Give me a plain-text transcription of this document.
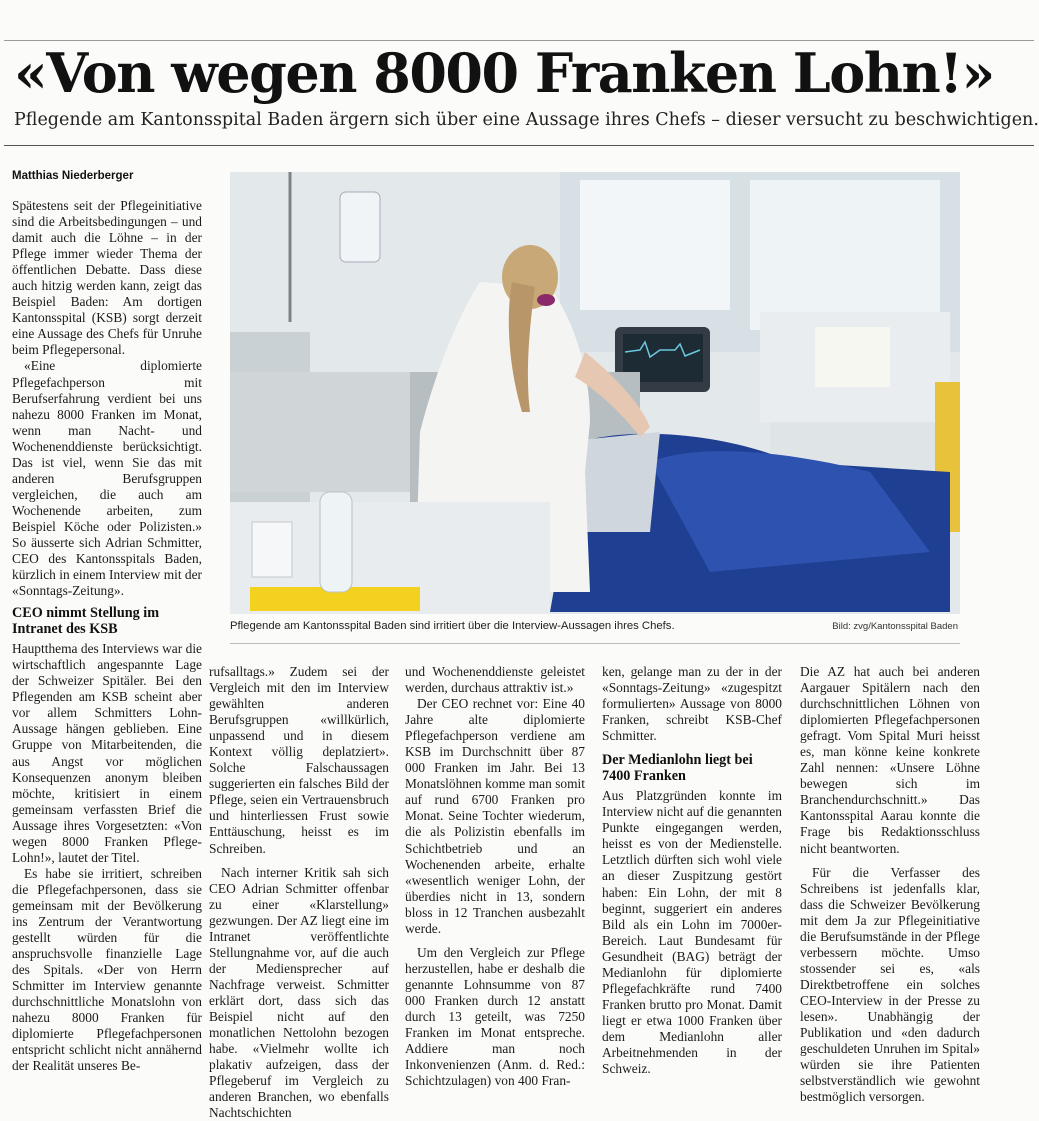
«Von wegen 8000 Franken Lohn!»
Pflegende am Kantonsspital Baden ärgern sich über eine Aussage ihres Chefs – dieser versucht zu beschwichtigen.
Matthias Niederberger

Spätestens seit der Pflegeinitiative sind die Arbeitsbedingungen – und damit auch die Löhne – in der Pflege immer wieder Thema der öffentlichen Debatte. Dass diese auch hitzig werden kann, zeigt das Beispiel Baden: Am dortigen Kantonsspital (KSB) sorgt derzeit eine Aussage des Chefs für Unruhe beim Pflegepersonal.

«Eine diplomierte Pflegefachperson mit Berufserfahrung verdient bei uns nahezu 8000 Franken im Monat, wenn man Nacht- und Wochenenddienste berücksichtigt. Das ist viel, wenn Sie das mit anderen Berufsgruppen vergleichen, die auch am Wochenende arbeiten, zum Beispiel Köche oder Polizisten.» So äusserte sich Adrian Schmitter, CEO des Kantonsspitals Baden, kürzlich in einem Interview mit der «Sonntags-Zeitung».

CEO nimmt Stellung im Intranet des KSB

Hauptthema des Interviews war die wirtschaftlich angespannte Lage der Schweizer Spitäler. Bei den Pflegenden am KSB scheint aber vor allem Schmitters Lohn-Aussage hängen geblieben. Eine Gruppe von Mitarbeitenden, die aus Angst vor möglichen Konsequenzen anonym bleiben möchte, kritisiert in einem gemeinsam verfassten Brief die Aussage ihres Vorgesetzten: «Von wegen 8000 Franken Pflege-Lohn!», lautet der Titel.

Es habe sie irritiert, schreiben die Pflegefachpersonen, dass sie gemeinsam mit der Bevölkerung ins Zentrum der Verantwortung gestellt würden für die anspruchsvolle finanzielle Lage des Spitals. «Der von Herrn Schmitter im Interview genannte durchschnittliche Monatslohn von nahezu 8000 Franken für diplomierte Pflegefachpersonen entspricht schlicht nicht annähernd der Realität unseres Be-

Pflegende am Kantonsspital Baden sind irritiert über die Interview-Aussagen ihres Chefs.	Bild: zvg/Kantonsspital Baden

rufsalltags.» Zudem sei der Vergleich mit den im Interview gewählten anderen Berufsgruppen «willkürlich, unpassend und in diesem Kontext völlig deplatziert». Solche Falschaussagen suggerierten ein falsches Bild der Pflege, seien ein Vertrauensbruch und hinterliessen Frust sowie Enttäuschung, heisst es im Schreiben.

Nach interner Kritik sah sich CEO Adrian Schmitter offenbar zu einer «Klarstellung» gezwungen. Der AZ liegt eine im Intranet veröffentlichte Stellungnahme vor, auf die auch der Mediensprecher auf Nachfrage verweist. Schmitter erklärt dort, dass sich das Beispiel nicht auf den monatlichen Nettolohn bezogen habe. «Vielmehr wollte ich plakativ aufzeigen, dass der Pflegeberuf im Vergleich zu anderen Branchen, wo ebenfalls Nachtschichten

und Wochenenddienste geleistet werden, durchaus attraktiv ist.»

Der CEO rechnet vor: Eine 40 Jahre alte diplomierte Pflegefachperson verdiene am KSB im Durchschnitt über 87 000 Franken im Jahr. Bei 13 Monatslöhnen komme man somit auf rund 6700 Franken pro Monat. Seine Tochter wiederum, die als Polizistin ebenfalls im Schichtbetrieb und an Wochenenden arbeite, erhalte «wesentlich weniger Lohn, der überdies nicht in 13, sondern bloss in 12 Tranchen ausbezahlt werde.

Um den Vergleich zur Pflege herzustellen, habe er deshalb die genannte Lohnsumme von 87 000 Franken durch 12 anstatt durch 13 geteilt, was 7250 Franken im Monat entspreche. Addiere man noch Inkonvenienzen (Anm. d. Red.: Schichtzulagen) von 400 Fran-

ken, gelange man zu der in der «Sonntags-Zeitung» «zugespitzt formulierten» Aussage von 8000 Franken, schreibt KSB-Chef Schmitter.

Der Medianlohn liegt bei 7400 Franken

Aus Platzgründen konnte im Interview nicht auf die genannten Punkte eingegangen werden, heisst es von der Medienstelle. Letztlich dürften sich wohl viele an dieser Zuspitzung gestört haben: Ein Lohn, der mit 8 beginnt, suggeriert ein anderes Bild als ein Lohn im 7000er-Bereich. Laut Bundesamt für Gesundheit (BAG) beträgt der Medianlohn für diplomierte Pflegefachkräfte rund 7400 Franken brutto pro Monat. Damit liegt er etwa 1000 Franken über dem Medianlohn aller Arbeitnehmenden in der Schweiz.

Die AZ hat auch bei anderen Aargauer Spitälern nach den durchschnittlichen Löhnen von diplomierten Pflegefachpersonen gefragt. Vom Spital Muri heisst es, man könne keine konkrete Zahl nennen: «Unsere Löhne bewegen sich im Branchendurchschnitt.» Das Kantonsspital Aarau konnte die Frage bis Redaktionsschluss nicht beantworten.

Für die Verfasser des Schreibens ist jedenfalls klar, dass die Schweizer Bevölkerung mit dem Ja zur Pflegeinitiative die Berufsumstände in der Pflege verbessern möchte. Umso stossender sei es, «als Direktbetroffene ein solches CEO-Interview in der Presse zu lesen». Unabhängig der Publikation und «den dadurch geschuldeten Unruhen im Spital» würden sie ihre Patienten selbstverständlich wie gewohnt bestmöglich versorgen.
